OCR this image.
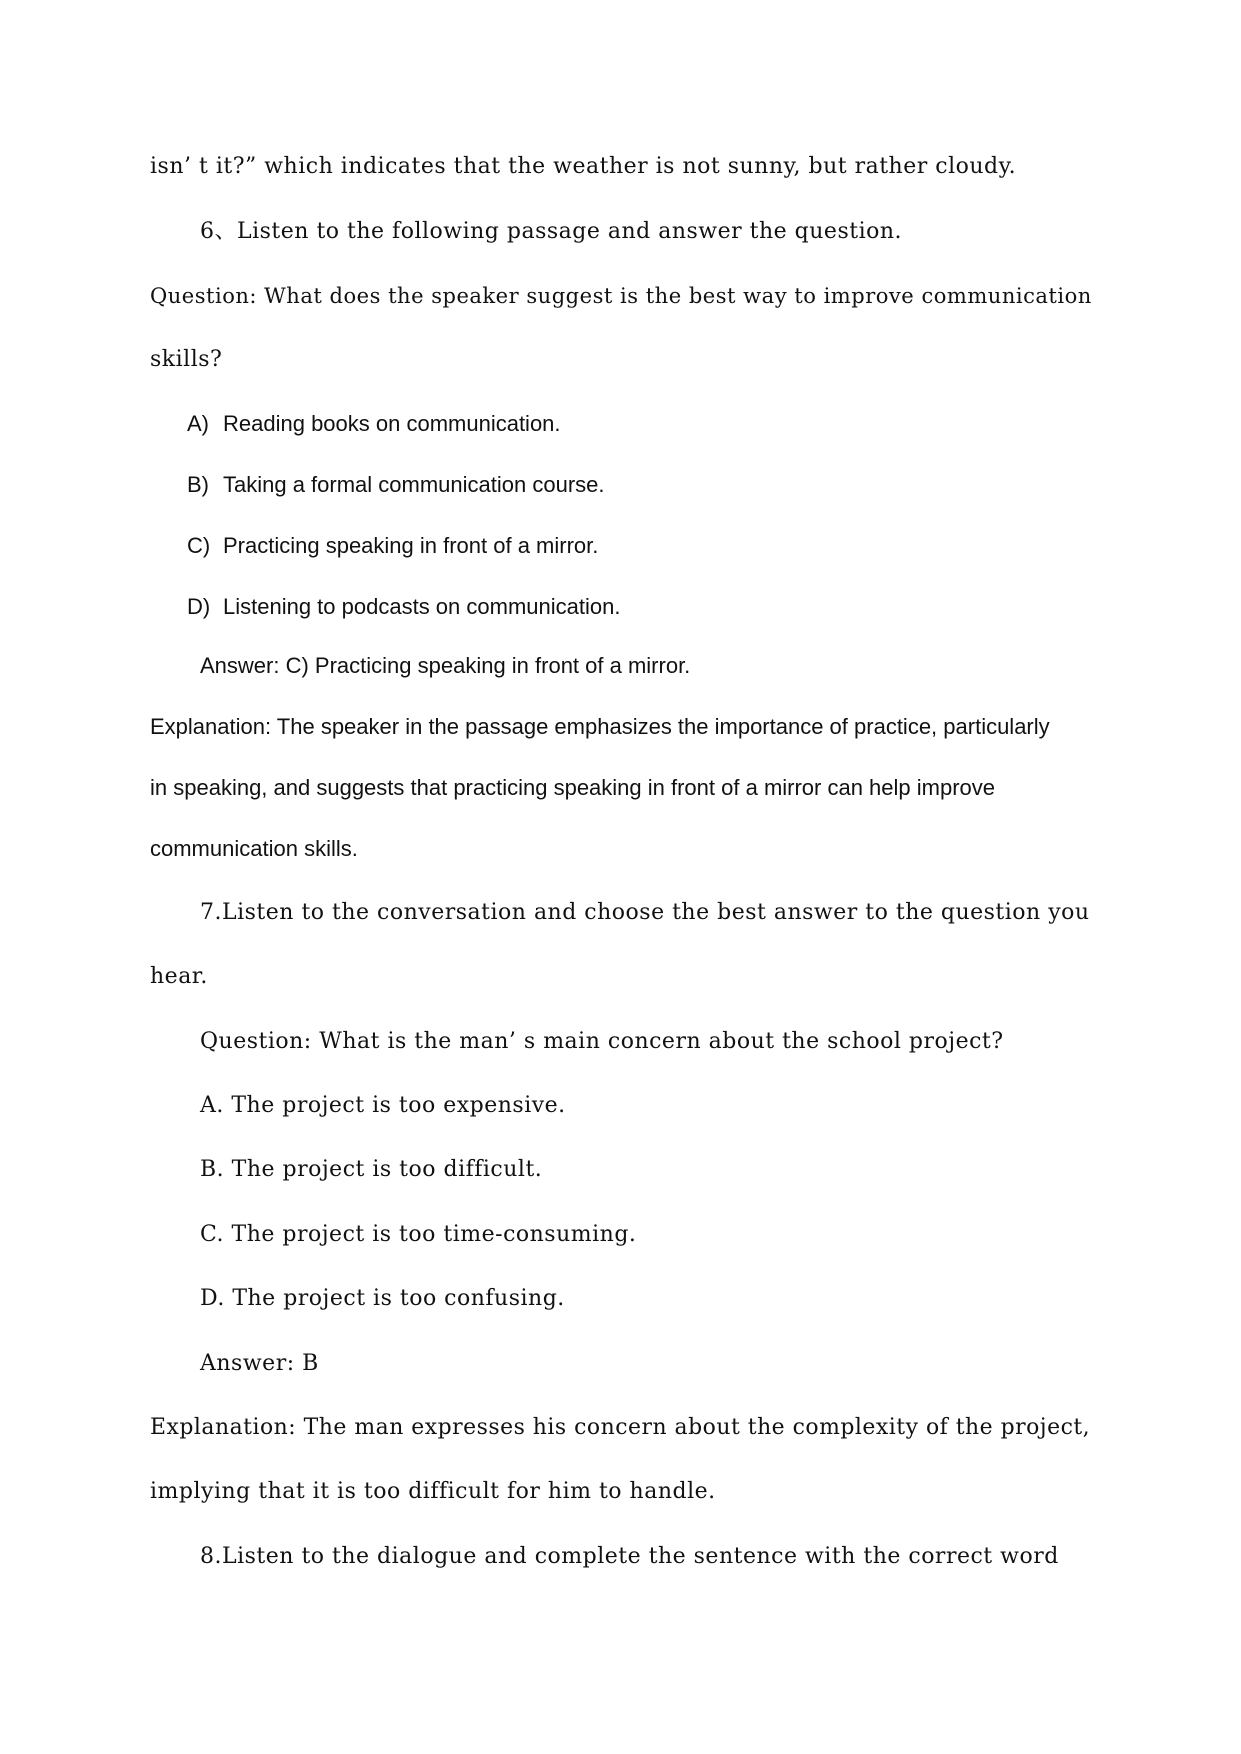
isn’ t it?” which indicates that the weather is not sunny, but rather cloudy.
6、Listen to the following passage and answer the question.
Question: What does the speaker suggest is the best way to improve communication
skills?
A) Reading books on communication.
B) Taking a formal communication course.
C) Practicing speaking in front of a mirror.
D) Listening to podcasts on communication.
Answer: C) Practicing speaking in front of a mirror.
Explanation: The speaker in the passage emphasizes the importance of practice, particularly
in speaking, and suggests that practicing speaking in front of a mirror can help improve
communication skills.
7.Listen to the conversation and choose the best answer to the question you
hear.
Question: What is the man’ s main concern about the school project?
A. The project is too expensive.
B. The project is too difficult.
C. The project is too time-consuming.
D. The project is too confusing.
Answer: B
Explanation: The man expresses his concern about the complexity of the project,
implying that it is too difficult for him to handle.
8.Listen to the dialogue and complete the sentence with the correct word
